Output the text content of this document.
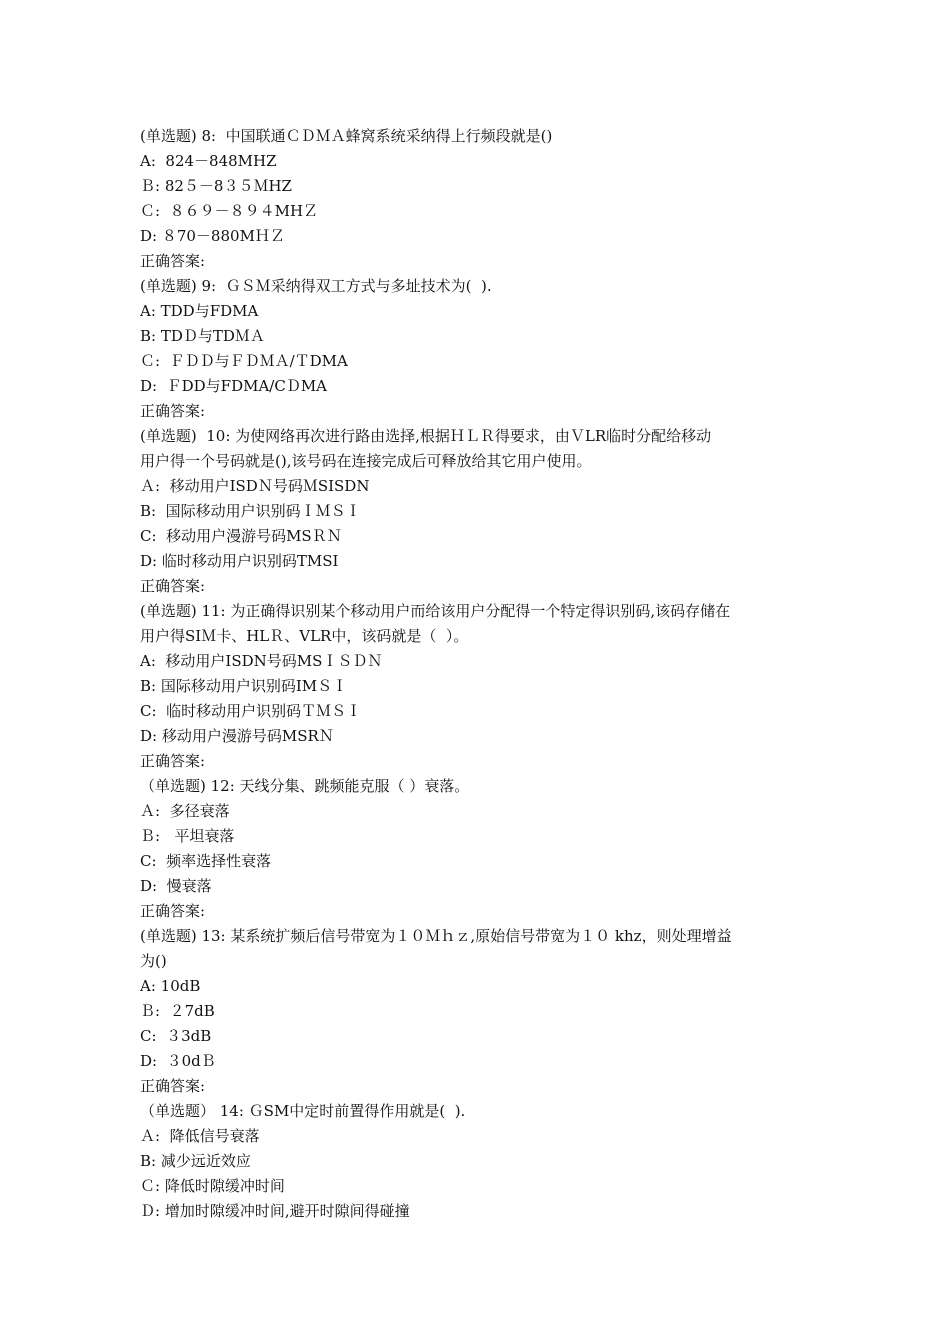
(单选题) 8:  中国联通ＣＤＭＡ蜂窝系统采纳得上行频段就是()
A:  824－848MHZ
Ｂ: 82５－8３５ＭHZ
Ｃ:  ８６９－８９４MHＺ
D: ８70－880MＨＺ
正确答案:
(单选题) 9:  ＧＳＭ采纳得双工方式与多址技术为(  ).
A: TDD与FDMA
B: TDＤ与TDＭＡ
Ｃ:  ＦＤＤ与ＦＤＭＡ/ＴDMA
D:  ＦDD与FDMA/CＤMA
正确答案:
(单选题)  10: 为使网络再次进行路由选择,根据ＨＬＲ得要求，由ＶLR临时分配给移动
用户得一个号码就是(),该号码在连接完成后可释放给其它用户使用。
Ａ:  移动用户ISDＮ号码ＭSISDN
B:  国际移动用户识别码ＩＭＳＩ
C:  移动用户漫游号码MSＲＮ
D: 临时移动用户识别码TMSI
正确答案:
(单选题) 11: 为正确得识别某个移动用户而给该用户分配得一个特定得识别码,该码存储在
用户得SIＭ卡、HLＲ、VLR中，该码就是（  ）。
A:  移动用户ISDN号码MSＩＳＤＮ
B: 国际移动用户识别码IMＳＩ
C:  临时移动用户识别码ＴＭＳＩ
D: 移动用户漫游号码MSRＮ
正确答案:
（单选题) 12: 天线分集、跳频能克服（ ）衰落。
Ａ:  多径衰落
Ｂ:   平坦衰落
C:  频率选择性衰落
D:  慢衰落
正确答案:
(单选题) 13: 某系统扩频后信号带宽为１０Ｍｈｚ,原始信号带宽为１０ khz，则处理增益
为()
A: 10dB
Ｂ:  ２7dB
C:  ３3dB
D:  ３0dＢ
正确答案:
（单选题） 14: ＧSM中定时前置得作用就是(  ).
Ａ:  降低信号衰落
B: 减少远近效应
Ｃ: 降低时隙缓冲时间
Ｄ: 增加时隙缓冲时间,避开时隙间得碰撞
